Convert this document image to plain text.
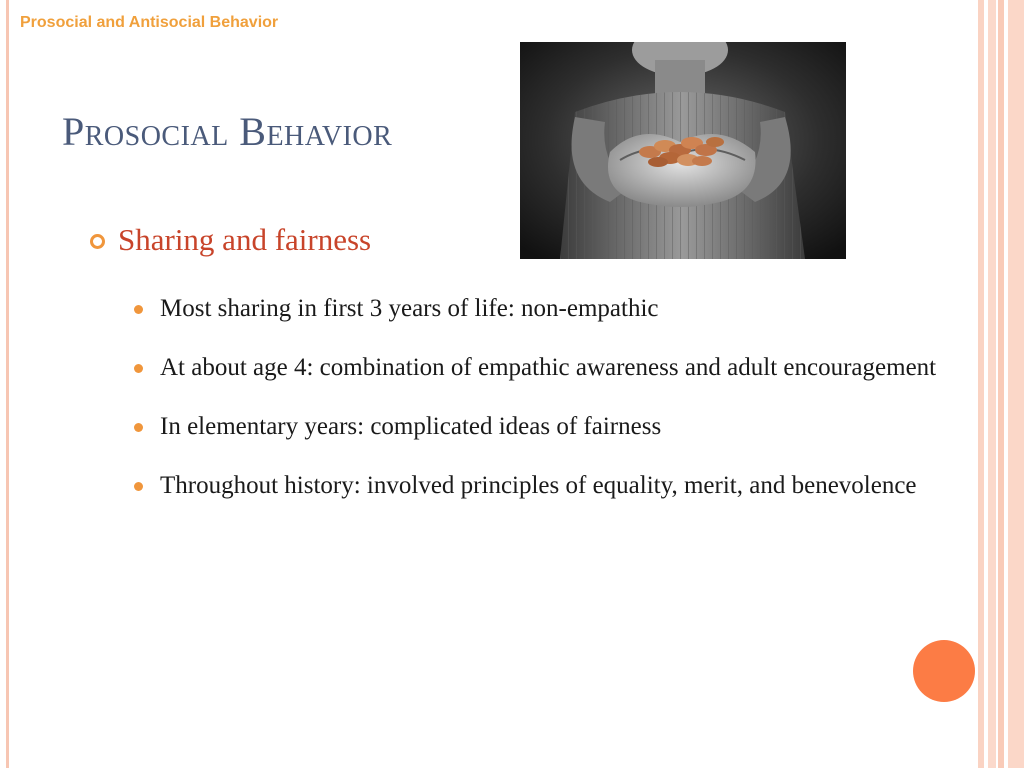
Prosocial and Antisocial Behavior
Prosocial Behavior
Sharing and fairness
Most sharing in first 3 years of life: non-empathic
At about age 4: combination of empathic awareness and adult encouragement
In elementary years: complicated ideas of fairness
Throughout history: involved principles of equality, merit, and benevolence
